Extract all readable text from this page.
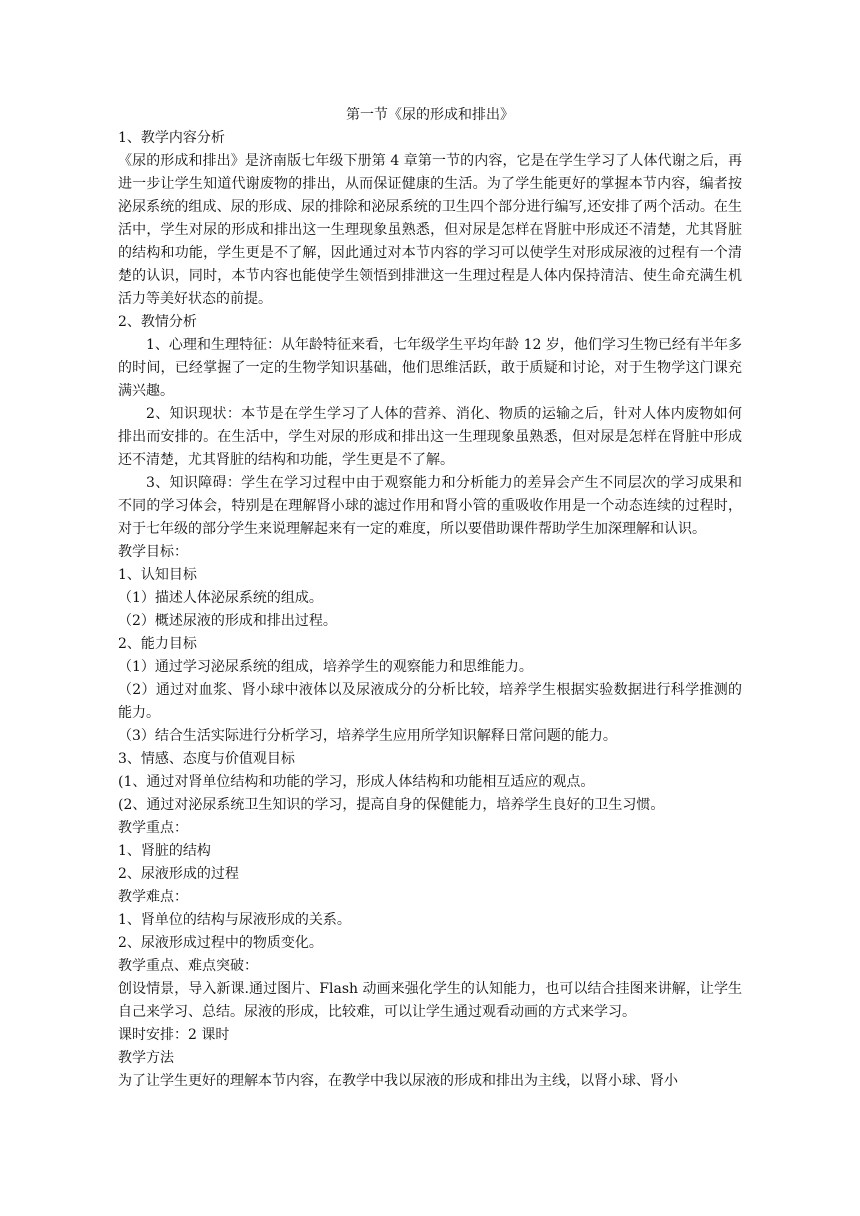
第一节《尿的形成和排出》

1、教学内容分析

《尿的形成和排出》是济南版七年级下册第 4 章第一节的内容，它是在学生学习了人体代谢之后，再进一步让学生知道代谢废物的排出，从而保证健康的生活。为了学生能更好的掌握本节内容，编者按泌尿系统的组成、尿的形成、尿的排除和泌尿系统的卫生四个部分进行编写,还安排了两个活动。在生活中，学生对尿的形成和排出这一生理现象虽熟悉，但对尿是怎样在肾脏中形成还不清楚，尤其肾脏的结构和功能，学生更是不了解，因此通过对本节内容的学习可以使学生对形成尿液的过程有一个清楚的认识，同时，本节内容也能使学生领悟到排泄这一生理过程是人体内保持清洁、使生命充满生机活力等美好状态的前提。

2、教情分析

1、心理和生理特征：从年龄特征来看，七年级学生平均年龄 12 岁，他们学习生物已经有半年多的时间，已经掌握了一定的生物学知识基础，他们思维活跃，敢于质疑和讨论，对于生物学这门课充满兴趣。

2、知识现状：本节是在学生学习了人体的营养、消化、物质的运输之后，针对人体内废物如何排出而安排的。在生活中，学生对尿的形成和排出这一生理现象虽熟悉，但对尿是怎样在肾脏中形成还不清楚，尤其肾脏的结构和功能，学生更是不了解。

3、知识障碍：学生在学习过程中由于观察能力和分析能力的差异会产生不同层次的学习成果和不同的学习体会，特别是在理解肾小球的滤过作用和肾小管的重吸收作用是一个动态连续的过程时，对于七年级的部分学生来说理解起来有一定的难度，所以要借助课件帮助学生加深理解和认识。

教学目标：

1、认知目标

（1）描述人体泌尿系统的组成。

（2）概述尿液的形成和排出过程。

2、能力目标

（1）通过学习泌尿系统的组成，培养学生的观察能力和思维能力。

（2）通过对血浆、肾小球中液体以及尿液成分的分析比较，培养学生根据实验数据进行科学推测的能力。

（3）结合生活实际进行分析学习，培养学生应用所学知识解释日常问题的能力。

3、情感、态度与价值观目标

(1、通过对肾单位结构和功能的学习，形成人体结构和功能相互适应的观点。

(2、通过对泌尿系统卫生知识的学习，提高自身的保健能力，培养学生良好的卫生习惯。

教学重点：

1、肾脏的结构

2、尿液形成的过程

教学难点：

1、肾单位的结构与尿液形成的关系。

2、尿液形成过程中的物质变化。

教学重点、难点突破：

创设情景，导入新课.通过图片、Flash 动画来强化学生的认知能力，也可以结合挂图来讲解，让学生自己来学习、总结。尿液的形成，比较难，可以让学生通过观看动画的方式来学习。

课时安排：2 课时

教学方法

为了让学生更好的理解本节内容，在教学中我以尿液的形成和排出为主线，以肾小球、肾小
